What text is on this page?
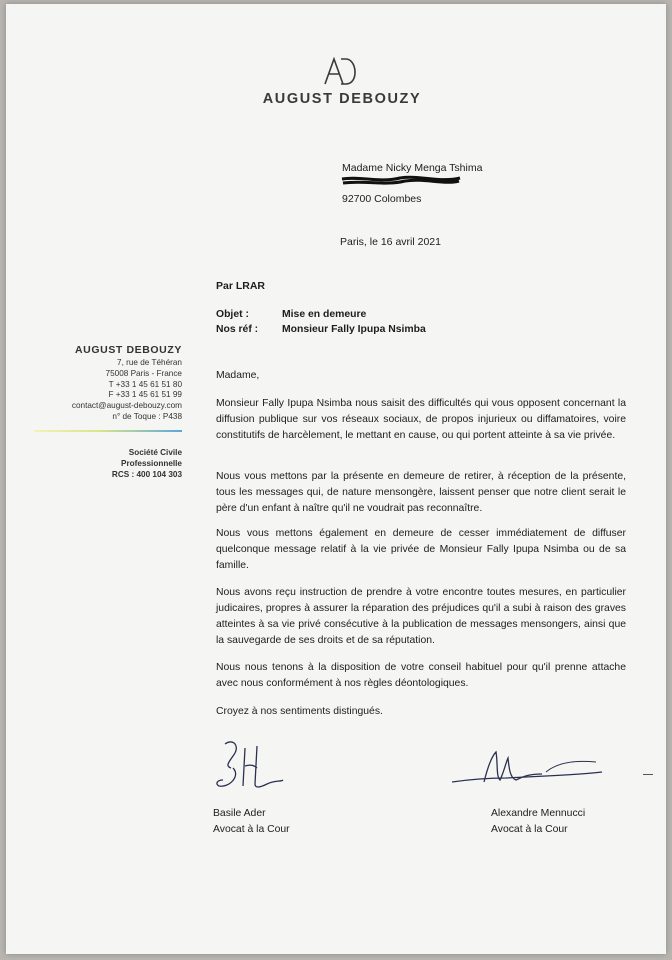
AUGUST DEBOUZY
Madame Nicky Menga Tshima
92700 Colombes
Paris, le 16 avril 2021
Par LRAR
Objet :	Mise en demeure
Nos réf : Monsieur Fally Ipupa Nsimba
AUGUST DEBOUZY
7, rue de Téhéran
75008 Paris - France
T +33 1 45 61 51 80
F +33 1 45 61 51 99
contact@august-debouzy.com
n° de Toque : P438
Société Civile
Professionnelle
RCS : 400 104 303
Madame,
Monsieur Fally Ipupa Nsimba nous saisit des difficultés qui vous opposent concernant la diffusion publique sur vos réseaux sociaux, de propos injurieux ou diffamatoires, voire constitutifs de harcèlement, le mettant en cause, ou qui portent atteinte à sa vie privée.
Nous vous mettons par la présente en demeure de retirer, à réception de la présente, tous les messages qui, de nature mensongère, laissent penser que notre client serait le père d'un enfant à naître qu'il ne voudrait pas reconnaître.
Nous vous mettons également en demeure de cesser immédiatement de diffuser quelconque message relatif à la vie privée de Monsieur Fally Ipupa Nsimba ou de sa famille.
Nous avons reçu instruction de prendre à votre encontre toutes mesures, en particulier judicaires, propres à assurer la réparation des préjudices qu'il a subi à raison des graves atteintes à sa vie privé consécutive à la publication de messages mensongers, ainsi que la sauvegarde de ses droits et de sa réputation.
Nous nous tenons à la disposition de votre conseil habituel pour qu'il prenne attache avec nous conformément à nos règles déontologiques.
Croyez à nos sentiments distingués.
Basile Ader
Avocat à la Cour
Alexandre Mennucci
Avocat à la Cour
